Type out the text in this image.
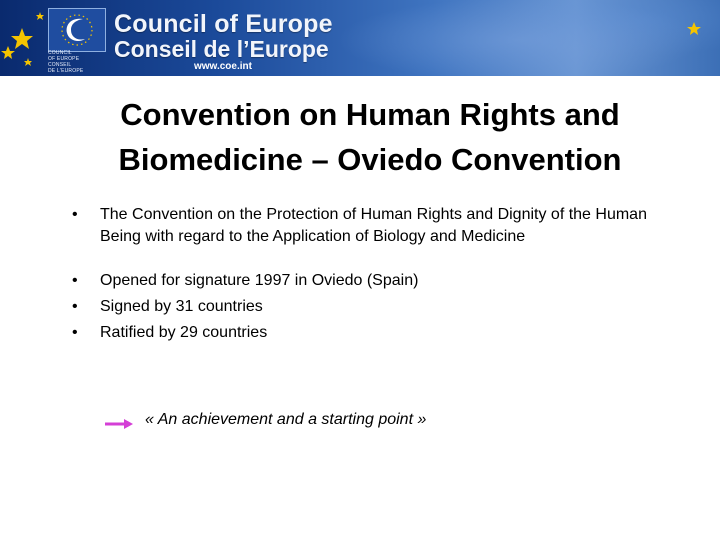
COUNCIL
OF EUROPE
CONSEIL
DE L'EUROPE
Council of Europe
Conseil de l’Europe
www.coe.int
Convention on Human Rights and
Biomedicine – Oviedo Convention
• The Convention on the Protection of Human Rights and Dignity of the Human Being with regard to the Application of Biology and Medicine
• Opened for signature 1997 in Oviedo (Spain)
• Signed by 31 countries
• Ratified by 29 countries
« An achievement and a starting point »
